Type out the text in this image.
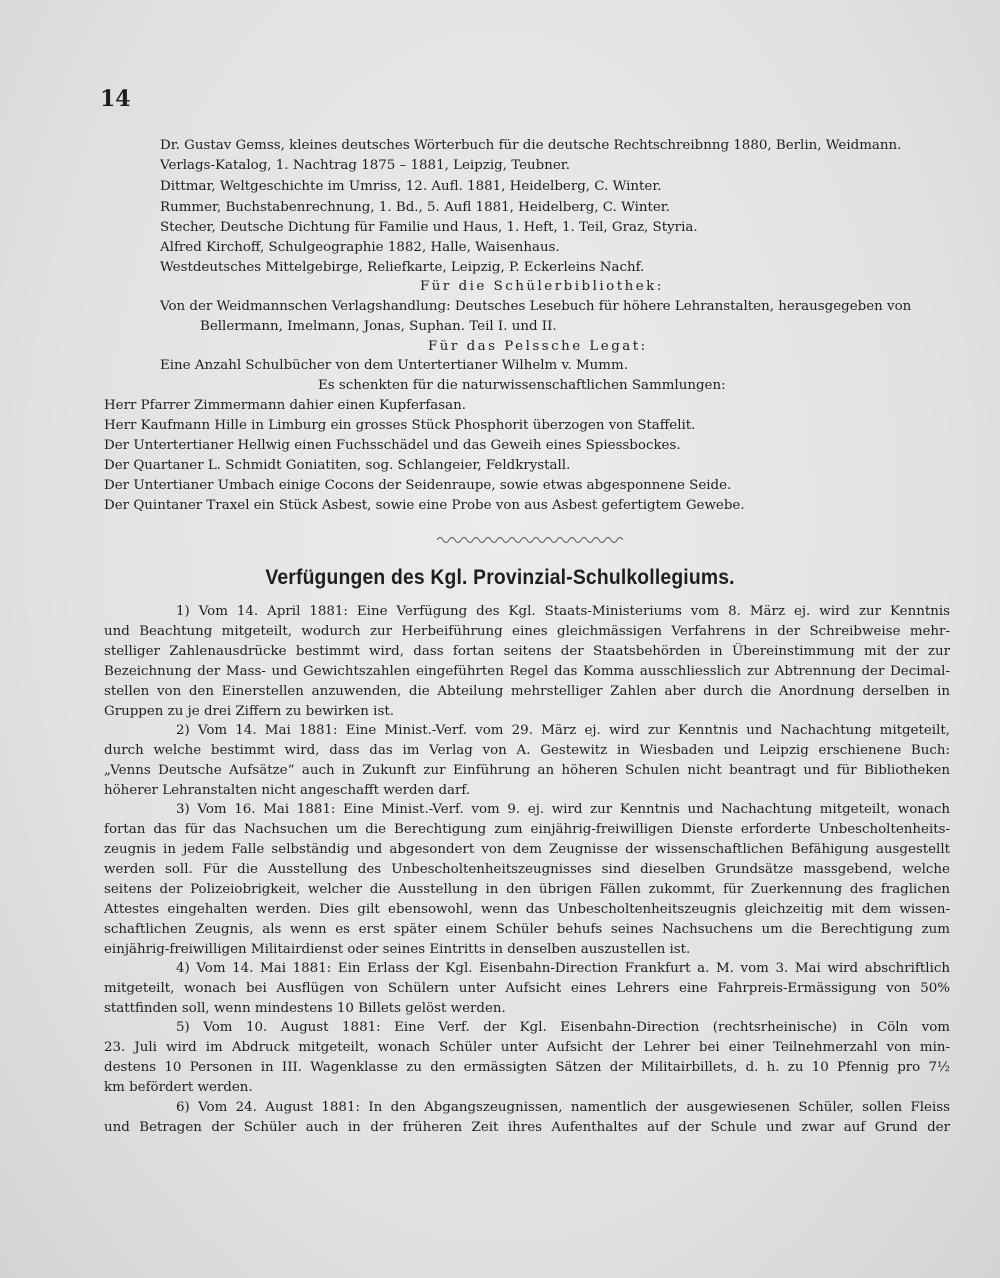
14
Dr. Gustav Gemss, kleines deutsches Wörterbuch für die deutsche Rechtschreibnng 1880, Berlin, Weidmann.
Verlags-Katalog, 1. Nachtrag 1875 – 1881, Leipzig, Teubner.
Dittmar, Weltgeschichte im Umriss, 12. Aufl. 1881, Heidelberg, C. Winter.
Rummer, Buchstabenrechnung, 1. Bd., 5. Aufl 1881, Heidelberg, C. Winter.
Stecher, Deutsche Dichtung für Familie und Haus, 1. Heft, 1. Teil, Graz, Styria.
Alfred Kirchoff, Schulgeographie 1882, Halle, Waisenhaus.
Westdeutsches Mittelgebirge, Reliefkarte, Leipzig, P. Eckerleins Nachf.
Für die Schülerbibliothek:
Von der Weidmannschen Verlagshandlung: Deutsches Lesebuch für höhere Lehranstalten, herausgegeben von
Bellermann, Imelmann, Jonas, Suphan. Teil I. und II.
Für das Pelssche Legat:
Eine Anzahl Schulbücher von dem Untertertianer Wilhelm v. Mumm.
Es schenkten für die naturwissenschaftlichen Sammlungen:
Herr Pfarrer Zimmermann dahier einen Kupferfasan.
Herr Kaufmann Hille in Limburg ein grosses Stück Phosphorit überzogen von Staffelit.
Der Untertertianer Hellwig einen Fuchsschädel und das Geweih eines Spiessbockes.
Der Quartaner L. Schmidt Goniatiten, sog. Schlangeier, Feldkrystall.
Der Untertianer Umbach einige Cocons der Seidenraupe, sowie etwas abgesponnene Seide.
Der Quintaner Traxel ein Stück Asbest, sowie eine Probe von aus Asbest gefertigtem Gewebe.
Verfügungen des Kgl. Provinzial-Schulkollegiums.
1) Vom 14. April 1881: Eine Verfügung des Kgl. Staats-Ministeriums vom 8. März ej. wird zur Kenntnis
und Beachtung mitgeteilt, wodurch zur Herbeiführung eines gleichmässigen Verfahrens in der Schreibweise mehr-
stelliger Zahlenausdrücke bestimmt wird, dass fortan seitens der Staatsbehörden in Übereinstimmung mit der zur
Bezeichnung der Mass- und Gewichtszahlen eingeführten Regel das Komma ausschliesslich zur Abtrennung der Decimal-
stellen von den Einerstellen anzuwenden, die Abteilung mehrstelliger Zahlen aber durch die Anordnung derselben in
Gruppen zu je drei Ziffern zu bewirken ist.
2) Vom 14. Mai 1881: Eine Minist.-Verf. vom 29. März ej. wird zur Kenntnis und Nachachtung mitgeteilt,
durch welche bestimmt wird, dass das im Verlag von A. Gestewitz in Wiesbaden und Leipzig erschienene Buch:
„Venns Deutsche Aufsätze“ auch in Zukunft zur Einführung an höheren Schulen nicht beantragt und für Bibliotheken
höherer Lehranstalten nicht angeschafft werden darf.
3) Vom 16. Mai 1881: Eine Minist.-Verf. vom 9. ej. wird zur Kenntnis und Nachachtung mitgeteilt, wonach
fortan das für das Nachsuchen um die Berechtigung zum einjährig-freiwilligen Dienste erforderte Unbescholtenheits-
zeugnis in jedem Falle selbständig und abgesondert von dem Zeugnisse der wissenschaftlichen Befähigung ausgestellt
werden soll. Für die Ausstellung des Unbescholtenheitszeugnisses sind dieselben Grundsätze massgebend, welche
seitens der Polizeiobrigkeit, welcher die Ausstellung in den übrigen Fällen zukommt, für Zuerkennung des fraglichen
Attestes eingehalten werden. Dies gilt ebensowohl, wenn das Unbescholtenheitszeugnis gleichzeitig mit dem wissen-
schaftlichen Zeugnis, als wenn es erst später einem Schüler behufs seines Nachsuchens um die Berechtigung zum
einjährig-freiwilligen Militairdienst oder seines Eintritts in denselben auszustellen ist.
4) Vom 14. Mai 1881: Ein Erlass der Kgl. Eisenbahn-Direction Frankfurt a. M. vom 3. Mai wird abschriftlich
mitgeteilt, wonach bei Ausflügen von Schülern unter Aufsicht eines Lehrers eine Fahrpreis-Ermässigung von 50%
stattfinden soll, wenn mindestens 10 Billets gelöst werden.
5) Vom 10. August 1881: Eine Verf. der Kgl. Eisenbahn-Direction (rechtsrheinische) in Cöln vom
23. Juli wird im Abdruck mitgeteilt, wonach Schüler unter Aufsicht der Lehrer bei einer Teilnehmerzahl von min-
destens 10 Personen in III. Wagenklasse zu den ermässigten Sätzen der Militairbillets, d. h. zu 10 Pfennig pro 7½
km befördert werden.
6) Vom 24. August 1881: In den Abgangszeugnissen, namentlich der ausgewiesenen Schüler, sollen Fleiss
und Betragen der Schüler auch in der früheren Zeit ihres Aufenthaltes auf der Schule und zwar auf Grund der
